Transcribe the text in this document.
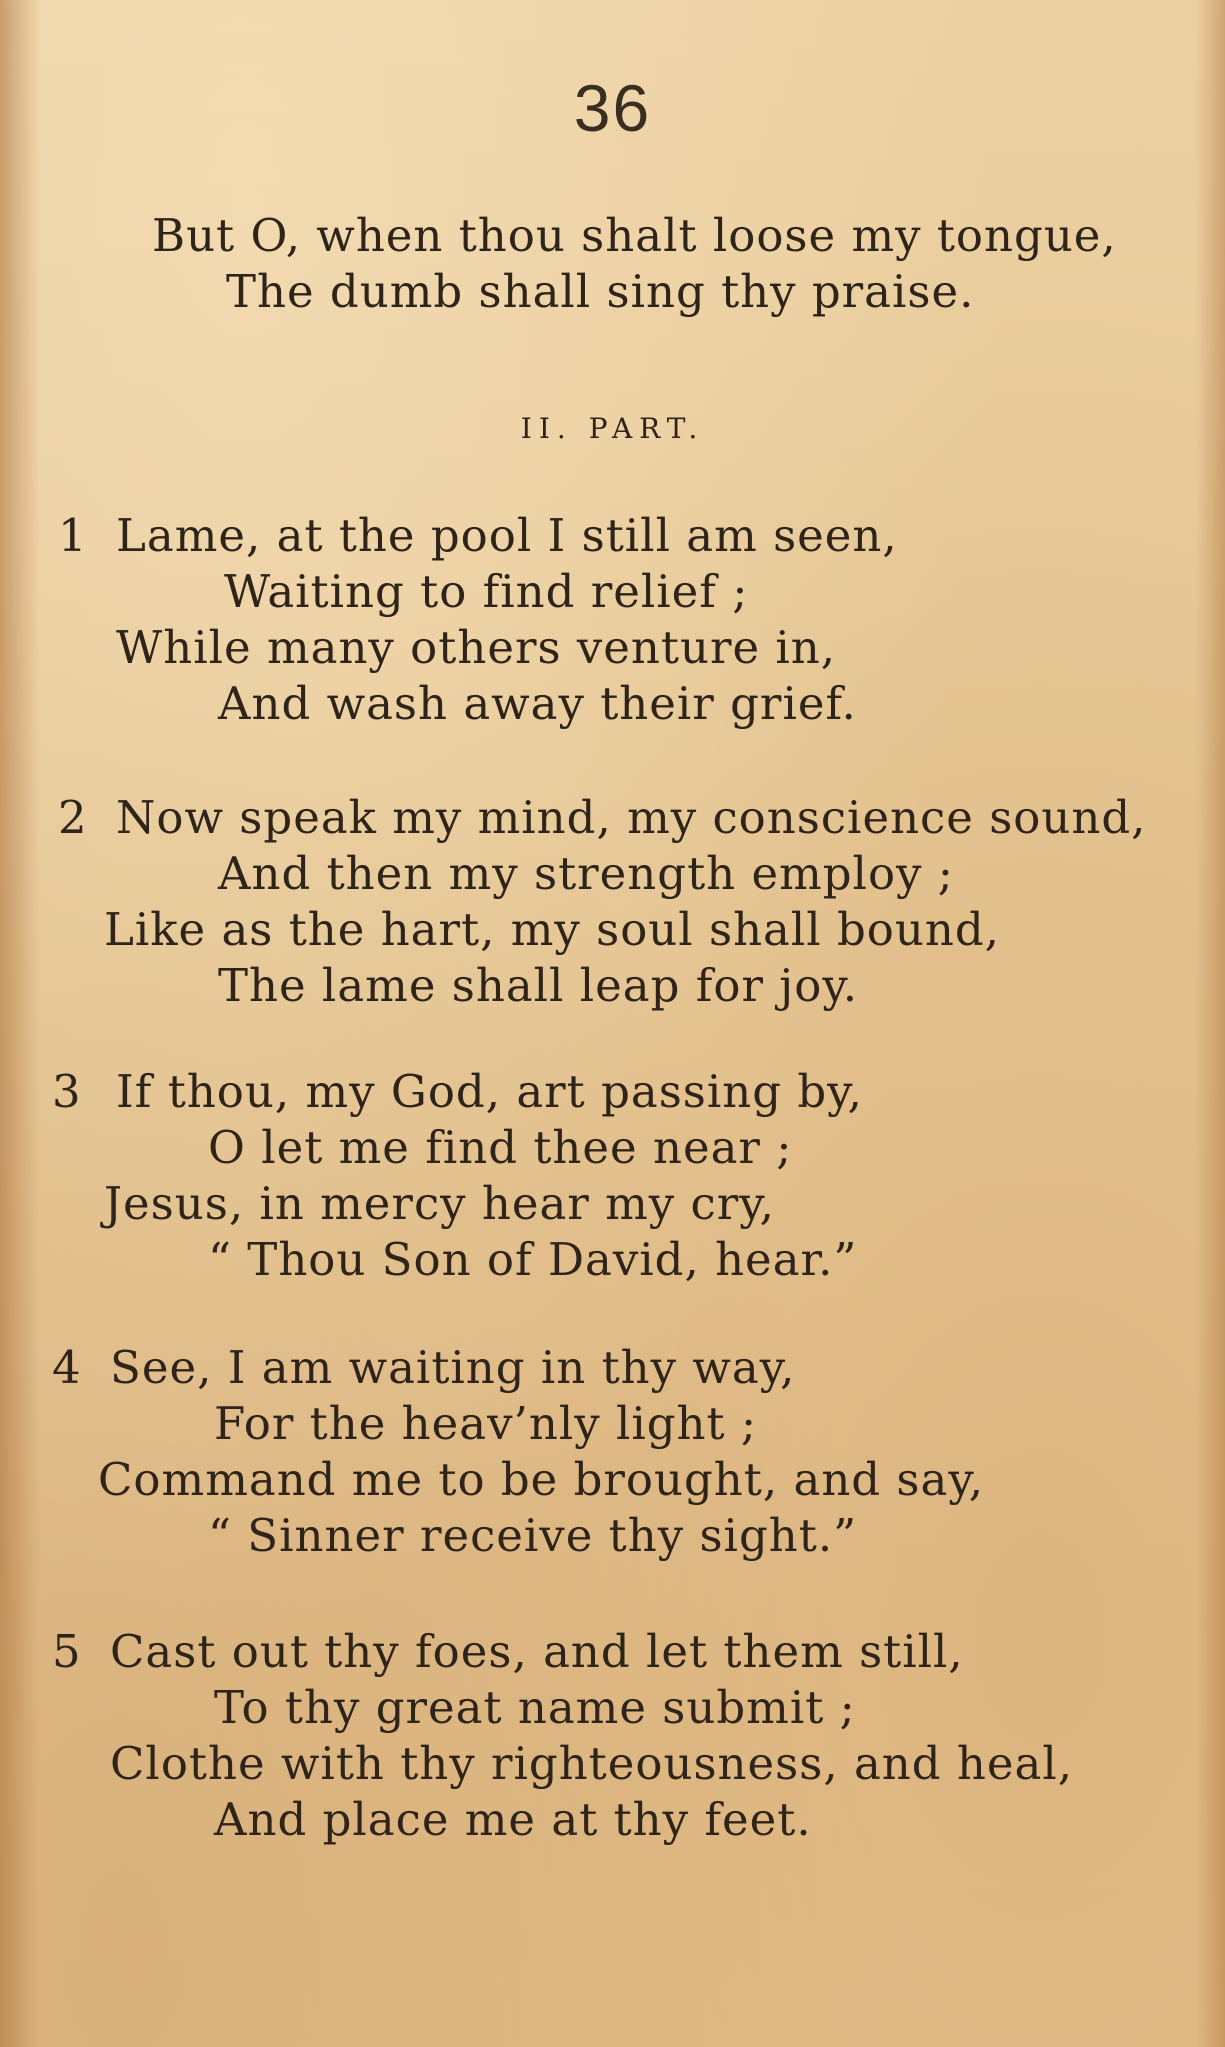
36
But O, when thou shalt loose my tongue,
The dumb shall sing thy praise.
II. PART.
1 Lame, at the pool I still am seen,
Waiting to find relief ;
While many others venture in,
And wash away their grief.
2 Now speak my mind, my conscience sound,
And then my strength employ ;
Like as the hart, my soul shall bound,
The lame shall leap for joy.
3 If thou, my God, art passing by,
O let me find thee near ;
Jesus, in mercy hear my cry,
“ Thou Son of David, hear.”
4 See, I am waiting in thy way,
For the heav’nly light ;
Command me to be brought, and say,
“ Sinner receive thy sight.”
5 Cast out thy foes, and let them still,
To thy great name submit ;
Clothe with thy righteousness, and heal,
And place me at thy feet.
